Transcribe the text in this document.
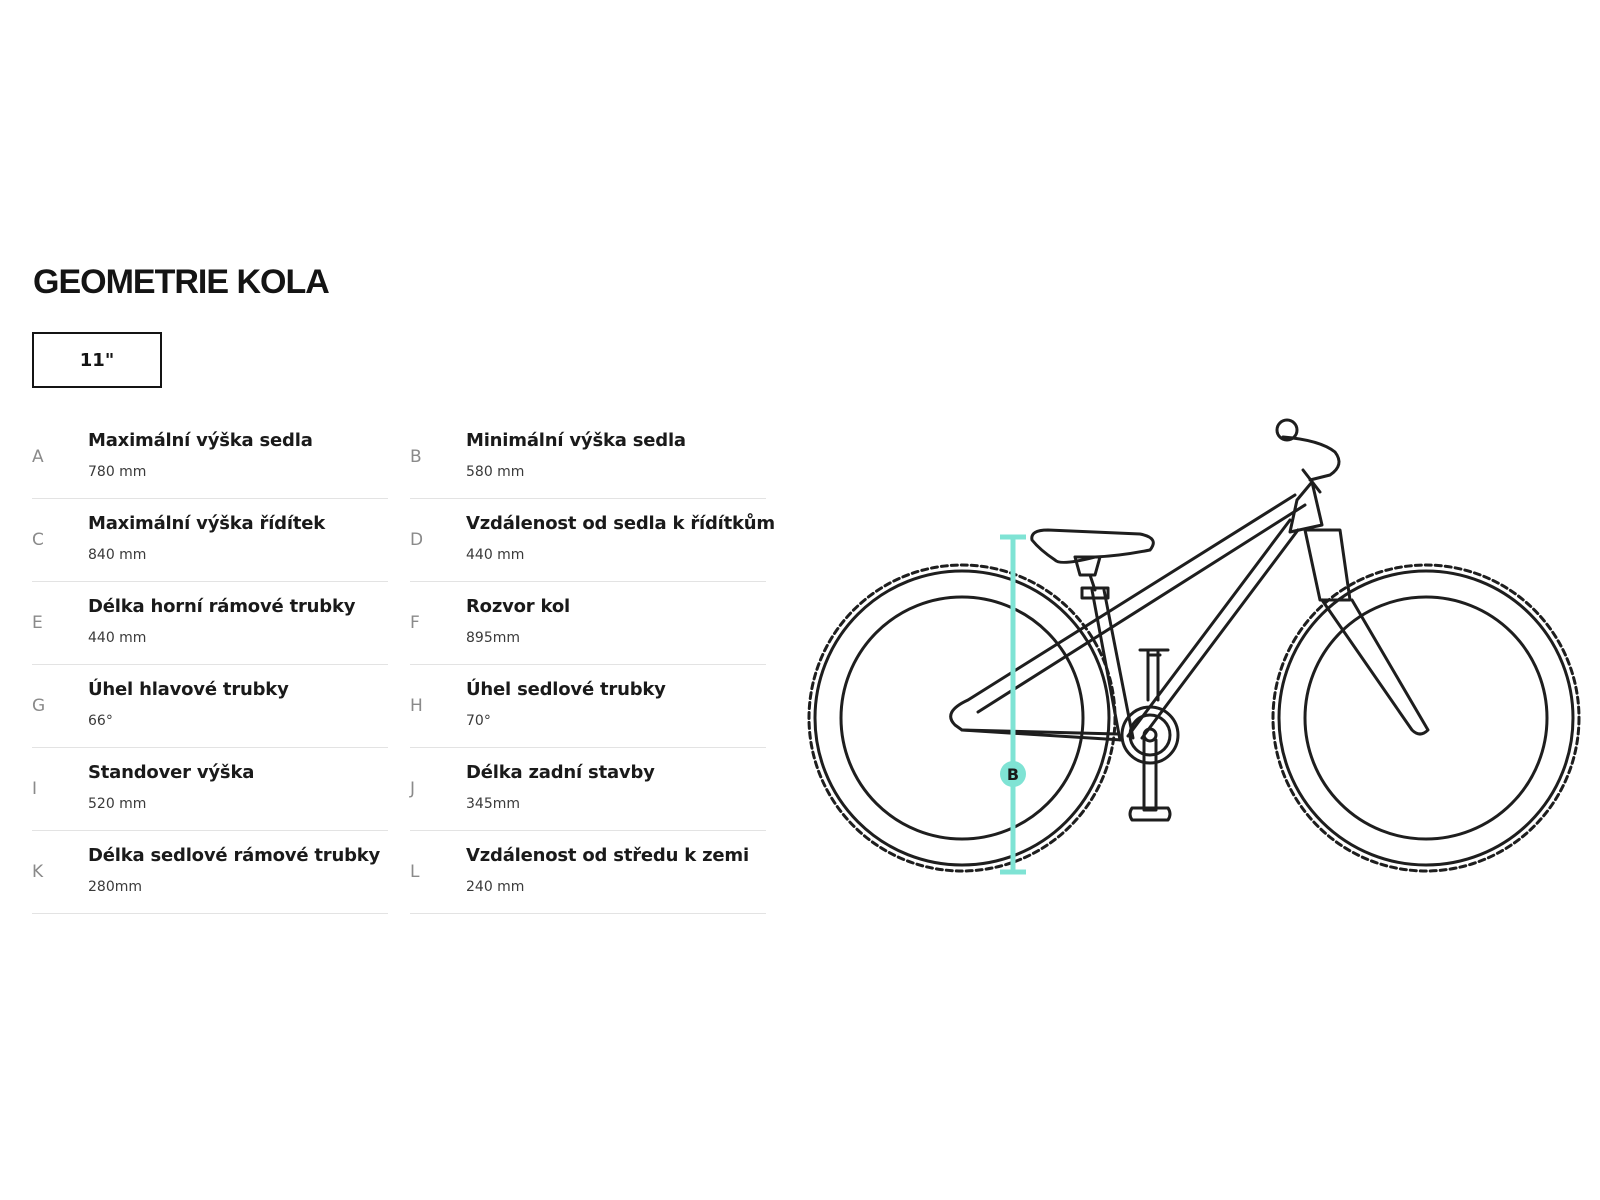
GEOMETRIE KOLA
11"
A
Maximální výška sedla
780 mm
B
Minimální výška sedla
580 mm
C
Maximální výška řídítek
840 mm
D
Vzdálenost od sedla k řídítkům
440 mm
E
Délka horní rámové trubky
440 mm
F
Rozvor kol
895mm
G
Úhel hlavové trubky
66°
H
Úhel sedlové trubky
70°
I
Standover výška
520 mm
J
Délka zadní stavby
345mm
K
Délka sedlové rámové trubky
280mm
L
Vzdálenost od středu k zemi
240 mm
B
